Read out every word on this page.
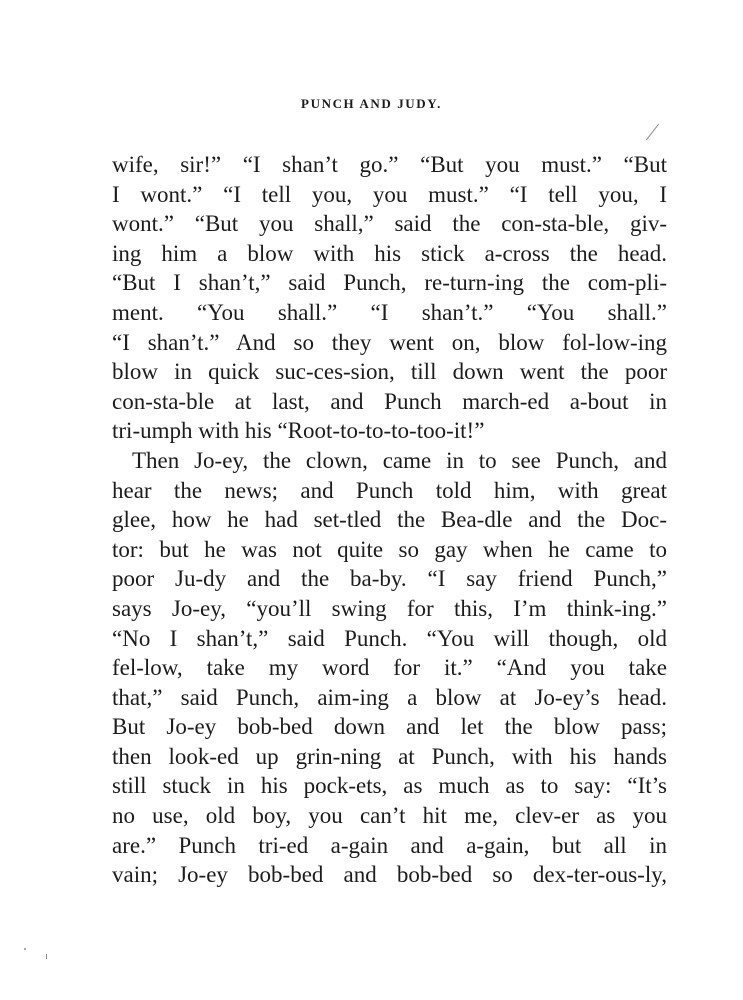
PUNCH AND JUDY.
wife, sir!” “I shan’t go.” “But you must.” “But
I wont.” “I tell you, you must.” “I tell you, I
wont.” “But you shall,” said the con-sta-ble, giv-
ing him a blow with his stick a-cross the head.
“But I shan’t,” said Punch, re-turn-ing the com-pli-
ment. “You shall.” “I shan’t.” “You shall.”
“I shan’t.” And so they went on, blow fol-low-ing
blow in quick suc-ces-sion, till down went the poor
con-sta-ble at last, and Punch march-ed a-bout in
tri-umph with his “Root-to-to-to-too-it!”
Then Jo-ey, the clown, came in to see Punch, and
hear the news; and Punch told him, with great
glee, how he had set-tled the Bea-dle and the Doc-
tor: but he was not quite so gay when he came to
poor Ju-dy and the ba-by. “I say friend Punch,”
says Jo-ey, “you’ll swing for this, I’m think-ing.”
“No I shan’t,” said Punch. “You will though, old
fel-low, take my word for it.” “And you take
that,” said Punch, aim-ing a blow at Jo-ey’s head.
But Jo-ey bob-bed down and let the blow pass;
then look-ed up grin-ning at Punch, with his hands
still stuck in his pock-ets, as much as to say: “It’s
no use, old boy, you can’t hit me, clev-er as you
are.” Punch tri-ed a-gain and a-gain, but all in
vain; Jo-ey bob-bed and bob-bed so dex-ter-ous-ly,
